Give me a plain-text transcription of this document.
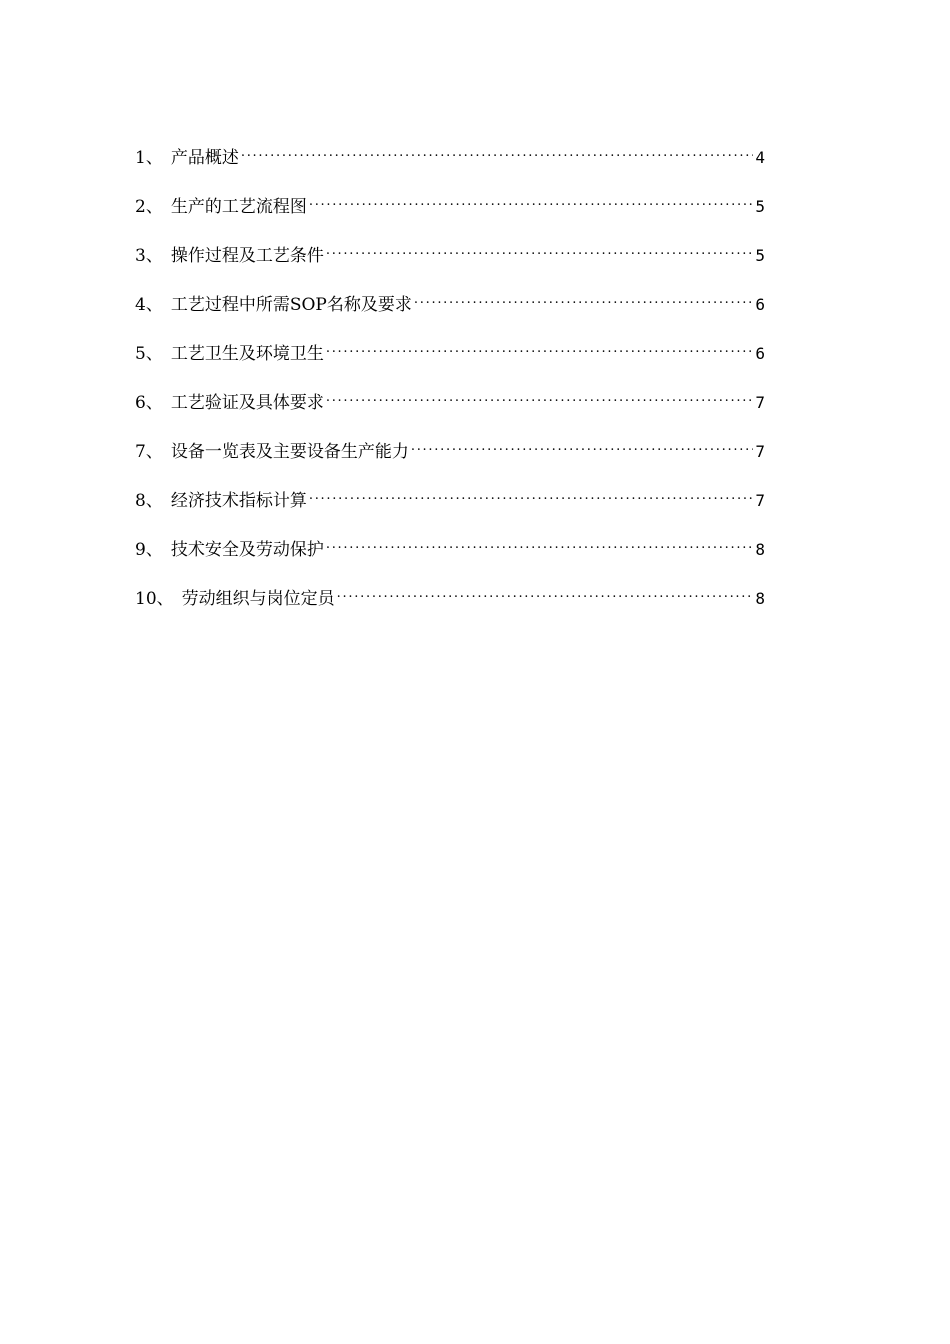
1 、 产品概述 . . .	4
2 、 生产的工艺流程图 . . .	5
3 、 操作过程及工艺条件 . . .	5
4 、 工艺过程中所需SOP名称及要求 . . .	6
5 、 工艺卫生及环境卫生 . . .	6
6 、 工艺验证及具体要求 . . .	7
7 、 设备一览表及主要设备生产能力 . . .	7
8 、 经济技术指标计算 . . .	7
9 、 技术安全及劳动保护 . . .	8
10 、 劳动组织与岗位定员 . . .	8
